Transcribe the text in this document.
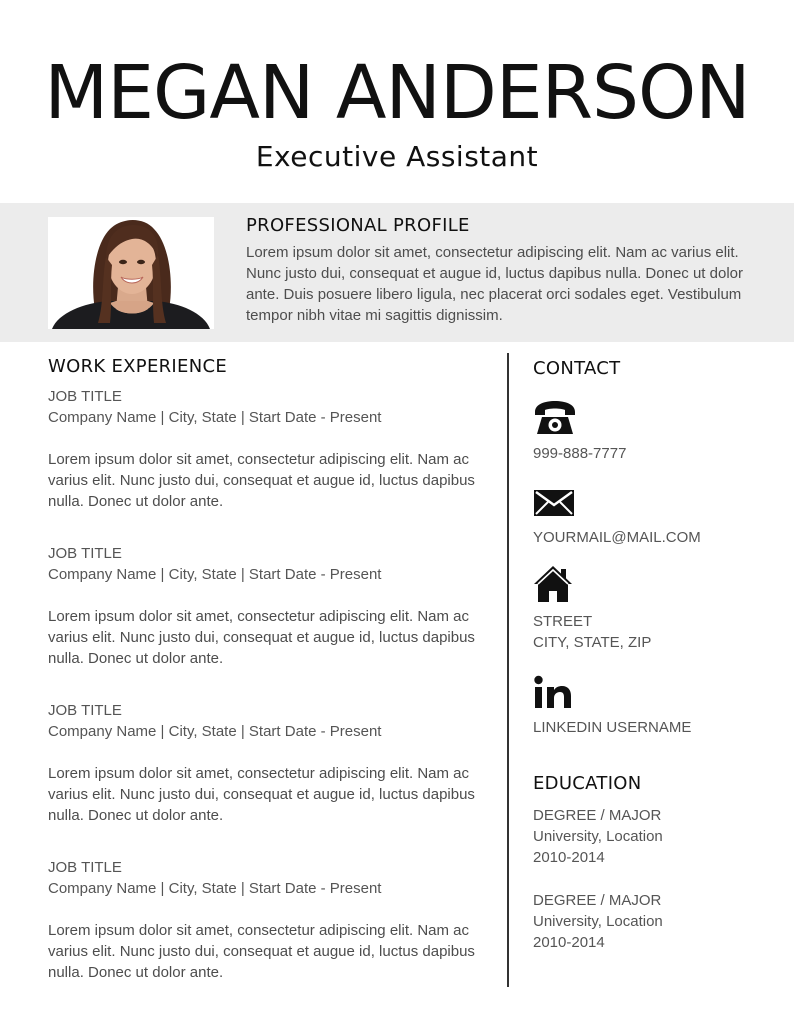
MEGAN ANDERSON
Executive Assistant
PROFESSIONAL PROFILE

Lorem ipsum dolor sit amet, consectetur adipiscing elit. Nam ac varius elit. Nunc justo dui, consequat et augue id, luctus dapibus nulla. Donec ut dolor ante. Duis posuere libero ligula, nec placerat orci sodales eget. Vestibulum tempor nibh vitae mi sagittis dignissim.

WORK EXPERIENCE
JOB TITLE
Company Name | City, State | Start Date - Present

Lorem ipsum dolor sit amet, consectetur adipiscing elit. Nam ac varius elit. Nunc justo dui, consequat et augue id, luctus dapibus nulla. Donec ut dolor ante.

JOB TITLE
Company Name | City, State | Start Date - Present

Lorem ipsum dolor sit amet, consectetur adipiscing elit. Nam ac varius elit. Nunc justo dui, consequat et augue id, luctus dapibus nulla. Donec ut dolor ante.

JOB TITLE
Company Name | City, State | Start Date - Present

Lorem ipsum dolor sit amet, consectetur adipiscing elit. Nam ac varius elit. Nunc justo dui, consequat et augue id, luctus dapibus nulla. Donec ut dolor ante.

JOB TITLE
Company Name | City, State | Start Date - Present

Lorem ipsum dolor sit amet, consectetur adipiscing elit. Nam ac varius elit. Nunc justo dui, consequat et augue id, luctus dapibus nulla. Donec ut dolor ante.

CONTACT
999-888-7777
YOURMAIL@MAIL.COM
STREET
CITY, STATE, ZIP
LINKEDIN USERNAME
EDUCATION
DEGREE / MAJOR
University, Location
2010-2014
DEGREE / MAJOR
University, Location
2010-2014
